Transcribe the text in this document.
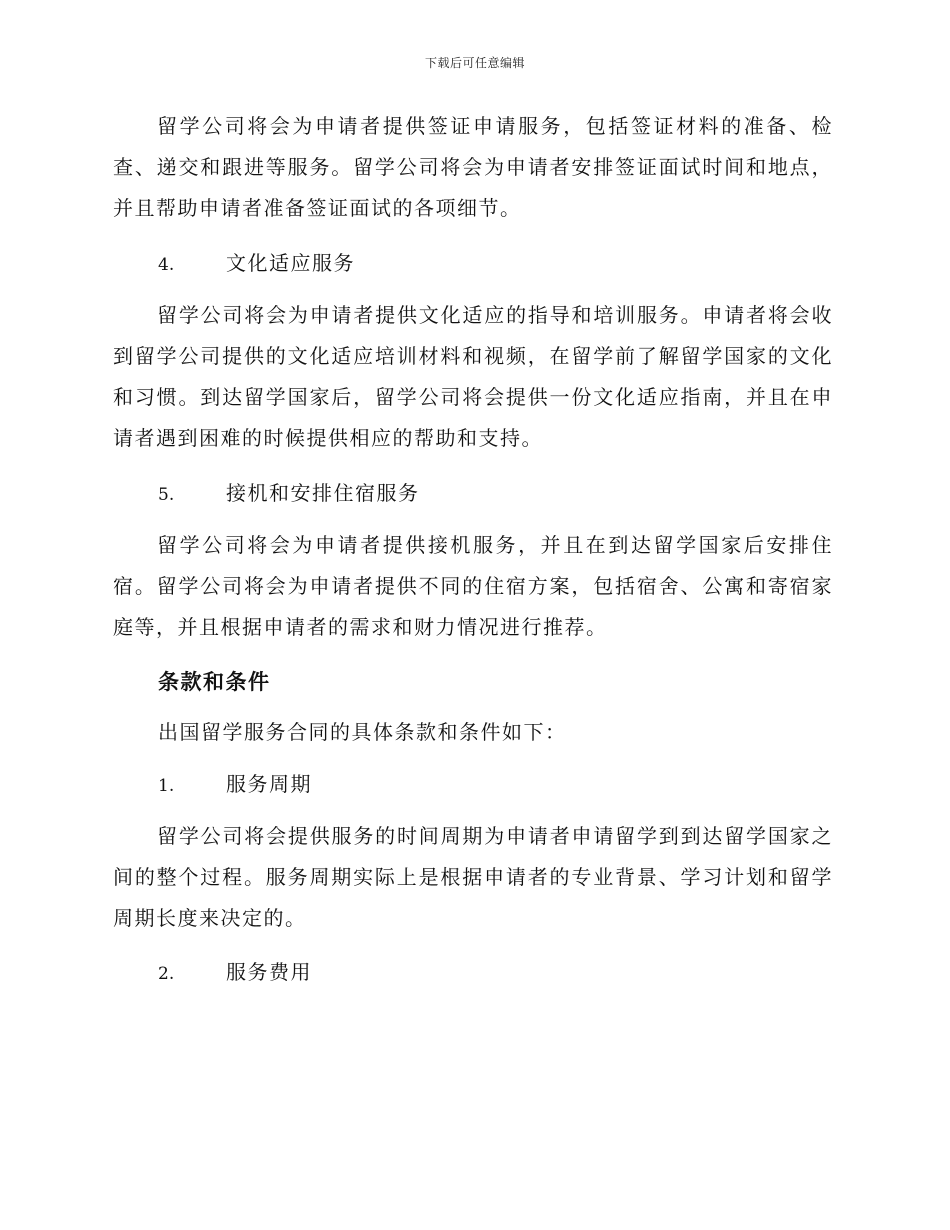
下载后可任意编辑
留学公司将会为申请者提供签证申请服务，包括签证材料的准备、检查、递交和跟进等服务。留学公司将会为申请者安排签证面试时间和地点，并且帮助申请者准备签证面试的各项细节。
4.	文化适应服务
留学公司将会为申请者提供文化适应的指导和培训服务。申请者将会收到留学公司提供的文化适应培训材料和视频，在留学前了解留学国家的文化和习惯。到达留学国家后，留学公司将会提供一份文化适应指南，并且在申请者遇到困难的时候提供相应的帮助和支持。
5.	接机和安排住宿服务
留学公司将会为申请者提供接机服务，并且在到达留学国家后安排住宿。留学公司将会为申请者提供不同的住宿方案，包括宿舍、公寓和寄宿家庭等，并且根据申请者的需求和财力情况进行推荐。
条款和条件
出国留学服务合同的具体条款和条件如下：
1.	服务周期
留学公司将会提供服务的时间周期为申请者申请留学到到达留学国家之间的整个过程。服务周期实际上是根据申请者的专业背景、学习计划和留学周期长度来决定的。
2.	服务费用
